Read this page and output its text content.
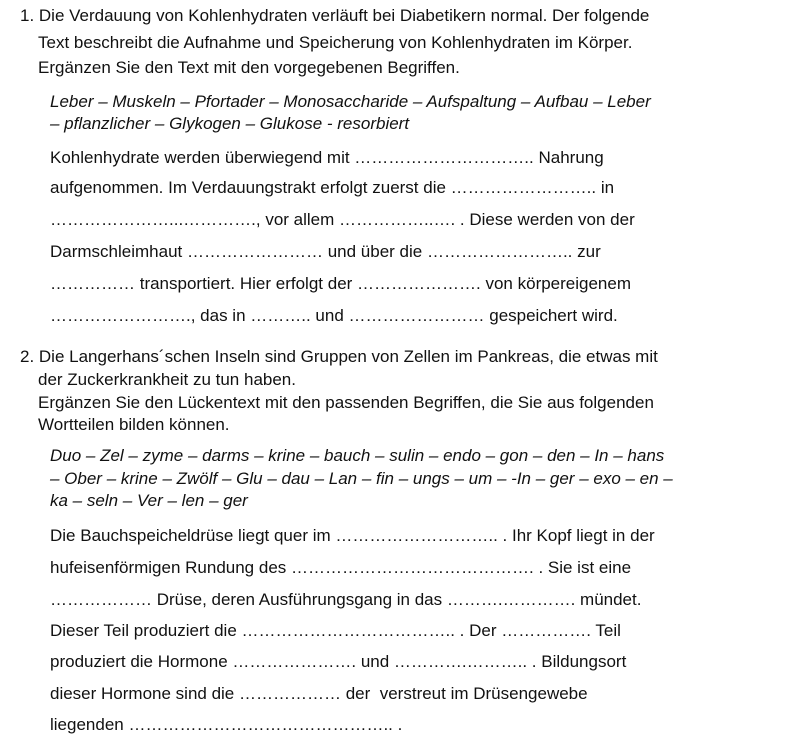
1. Die Verdauung von Kohlenhydraten verläuft bei Diabetikern normal. Der folgende
Text beschreibt die Aufnahme und Speicherung von Kohlenhydraten im Körper.
Ergänzen Sie den Text mit den vorgegebenen Begriffen.
Leber – Muskeln – Pfortader – Monosaccharide – Aufspaltung – Aufbau – Leber
– pflanzlicher – Glykogen – Glukose - resorbiert
Kohlenhydrate werden überwiegend mit ………………………….. Nahrung
aufgenommen. Im Verdauungstrakt erfolgt zuerst die …………………….. in
…………………...…………., vor allem ……………..…. . Diese werden von der
Darmschleimhaut …………………… und über die …………………….. zur
…………… transportiert. Hier erfolgt der …………………. von körpereigenem
……………………., das in ……….. und …………………… gespeichert wird.
2. Die Langerhans´schen Inseln sind Gruppen von Zellen im Pankreas, die etwas mit
der Zuckerkrankheit zu tun haben.
Ergänzen Sie den Lückentext mit den passenden Begriffen, die Sie aus folgenden
Wortteilen bilden können.
Duo – Zel – zyme – darms – krine – bauch – sulin – endo – gon – den – In – hans
– Ober – krine – Zwölf – Glu – dau – Lan – fin – ungs – um – -In – ger – exo – en –
ka – seln – Ver – len – ger
Die Bauchspeicheldrüse liegt quer im ……………………….. . Ihr Kopf liegt in der
hufeisenförmigen Rundung des ……………………………………. . Sie ist eine
……………… Drüse, deren Ausführungsgang in das ……….…………. mündet.
Dieser Teil produziert die ……………………………….. . Der ……………. Teil
produziert die Hormone …………………. und ………….……….. . Bildungsort
dieser Hormone sind die ……………… der  verstreut im Drüsengewebe
liegenden ……………………………………….. .
